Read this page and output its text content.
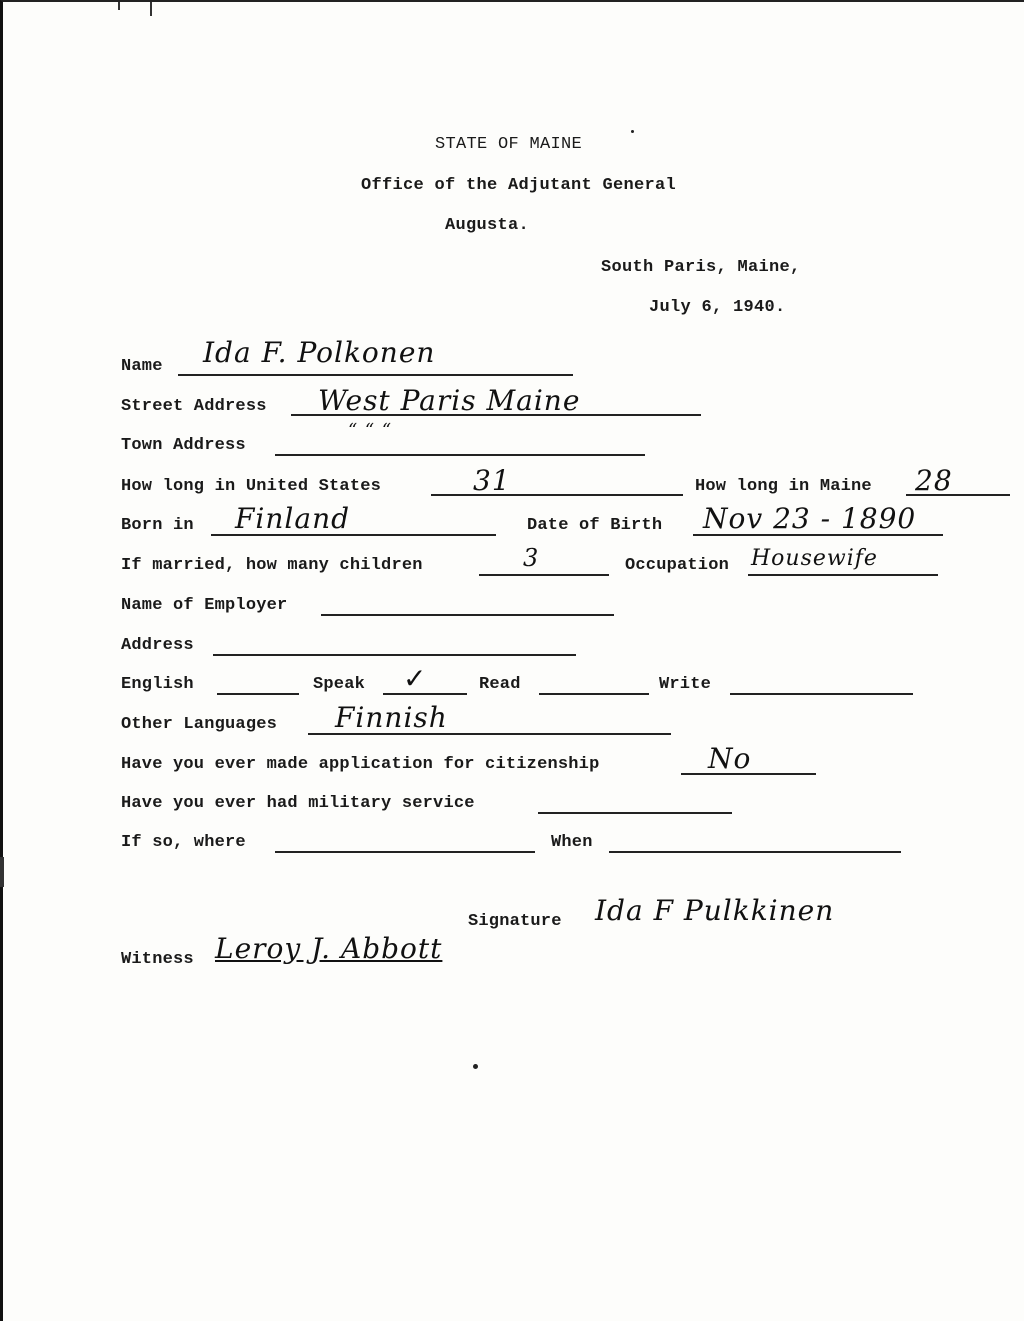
STATE OF MAINE
Office of the Adjutant General
Augusta.
South Paris, Maine,
July 6, 1940.
Name Ida F. Polkonen
Street Address West Paris Maine
Town Address
“ “ “
How long in United States	31	How long in Maine 28
Born in Finland	Date of Birth Nov 23 - 1890
If married, how many children	3	Occupation Housewife
Name of Employer
Address
English	Speak ✓	Read	Write
Other Languages Finnish
Have you ever made application for citizenship	No
Have you ever had military service
If so, where	When
Signature Ida F Pulkkinen
Witness Leroy J. Abbott
